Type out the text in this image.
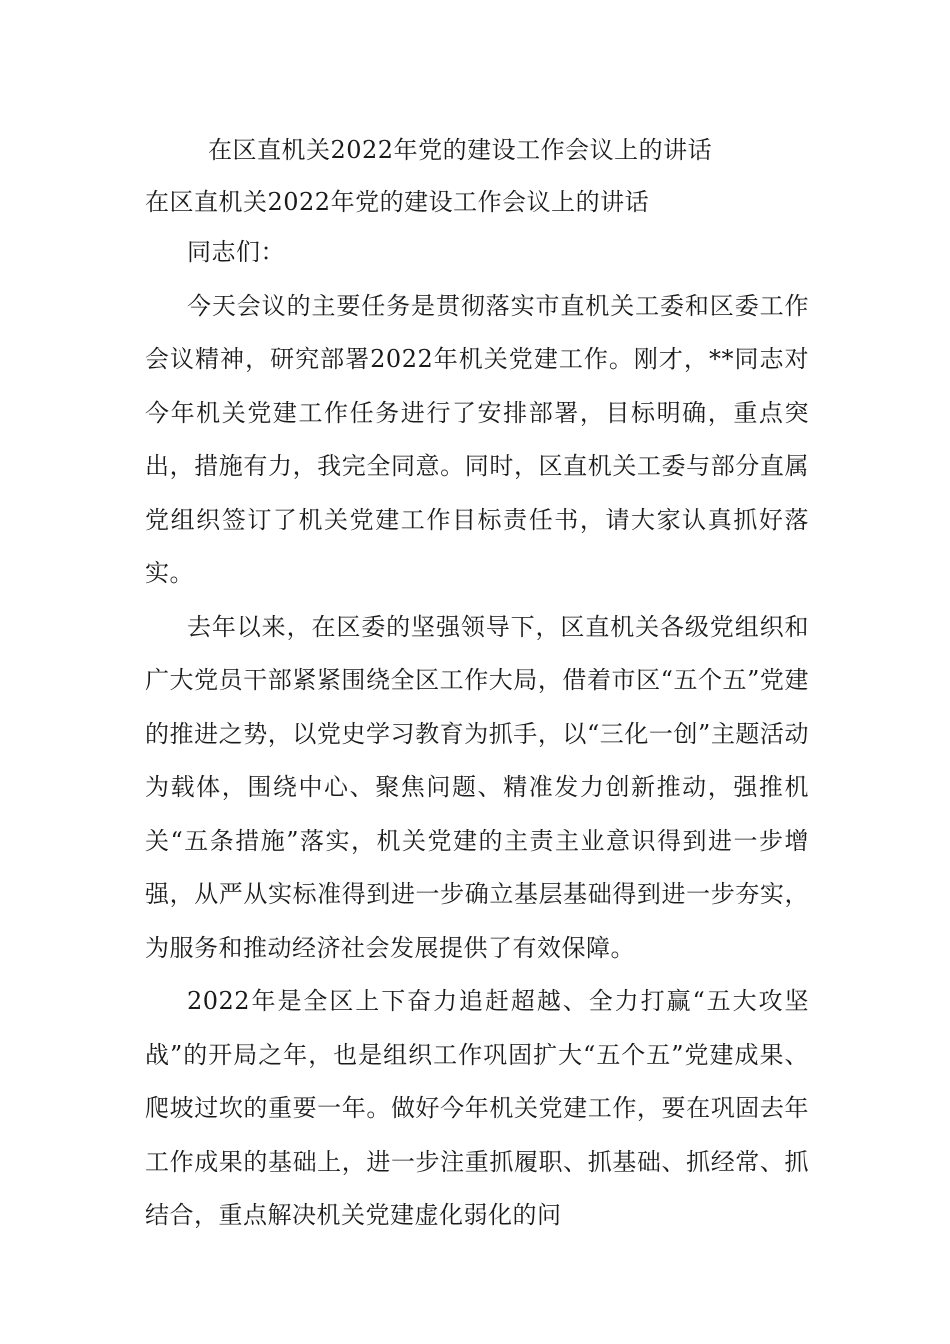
在区直机关2022年党的建设工作会议上的讲话
在区直机关2022年党的建设工作会议上的讲话

同志们：

今天会议的主要任务是贯彻落实市直机关工委和区委工作会议精神，研究部署2022年机关党建工作。刚才，**同志对今年机关党建工作任务进行了安排部署，目标明确，重点突出，措施有力，我完全同意。同时，区直机关工委与部分直属党组织签订了机关党建工作目标责任书，请大家认真抓好落实。

去年以来，在区委的坚强领导下，区直机关各级党组织和广大党员干部紧紧围绕全区工作大局，借着市区“五个五”党建的推进之势，以党史学习教育为抓手，以“三化一创”主题活动为载体，围绕中心、聚焦问题、精准发力创新推动，强推机关“五条措施”落实，机关党建的主责主业意识得到进一步增强，从严从实标准得到进一步确立基层基础得到进一步夯实，为服务和推动经济社会发展提供了有效保障。

2022年是全区上下奋力追赶超越、全力打赢“五大攻坚战”的开局之年，也是组织工作巩固扩大“五个五”党建成果、爬坡过坎的重要一年。做好今年机关党建工作，要在巩固去年工作成果的基础上，进一步注重抓履职、抓基础、抓经常、抓结合，重点解决机关党建虚化弱化的问
